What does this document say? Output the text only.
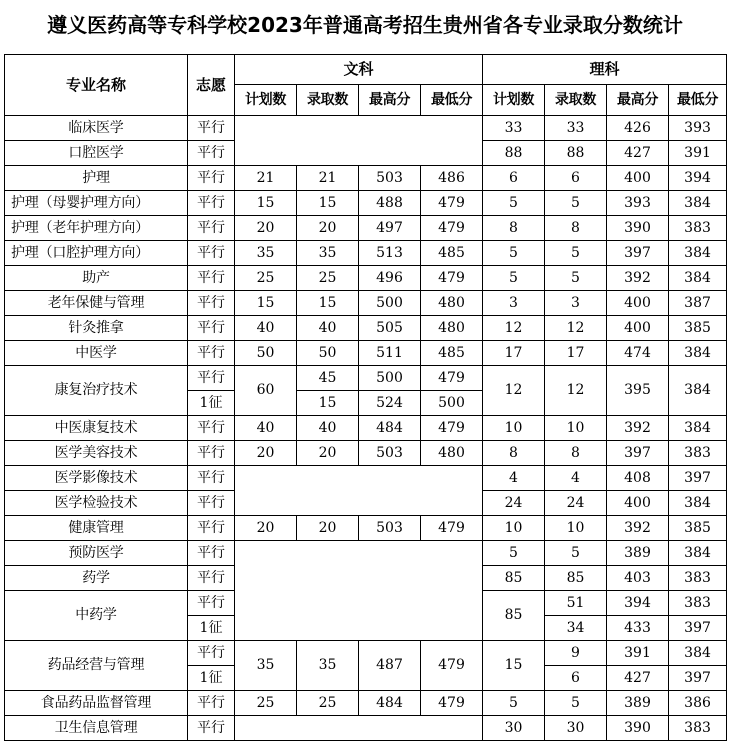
遵义医药高等专科学校2023年普通高考招生贵州省各专业录取分数统计
专业名称	志愿	文科				理科			
		计划数	录取数	最高分	最低分	计划数	录取数	最高分	最低分
临床医学	平行					33	33	426	393
口腔医学	平行					88	88	427	391
护理	平行	21	21	503	486	6	6	400	394
护理（母婴护理方向）	平行	15	15	488	479	5	5	393	384
护理（老年护理方向）	平行	20	20	497	479	8	8	390	383
护理（口腔护理方向）	平行	35	35	513	485	5	5	397	384
助产	平行	25	25	496	479	5	5	392	384
老年保健与管理	平行	15	15	500	480	3	3	400	387
针灸推拿	平行	40	40	505	480	12	12	400	385
中医学	平行	50	50	511	485	17	17	474	384
康复治疗技术	平行	60	45	500	479	12	12	395	384
	1征		15	524	500				
中医康复技术	平行	40	40	484	479	10	10	392	384
医学美容技术	平行	20	20	503	480	8	8	397	383
医学影像技术	平行					4	4	408	397
医学检验技术	平行					24	24	400	384
健康管理	平行	20	20	503	479	10	10	392	385
预防医学	平行					5	5	389	384
药学	平行					85	85	403	383
中药学	平行					85	51	394	383
	1征						34	433	397
药品经营与管理	平行	35	35	487	479	15	9	391	384
	1征						6	427	397
食品药品监督管理	平行	25	25	484	479	5	5	389	386
卫生信息管理	平行					30	30	390	383
